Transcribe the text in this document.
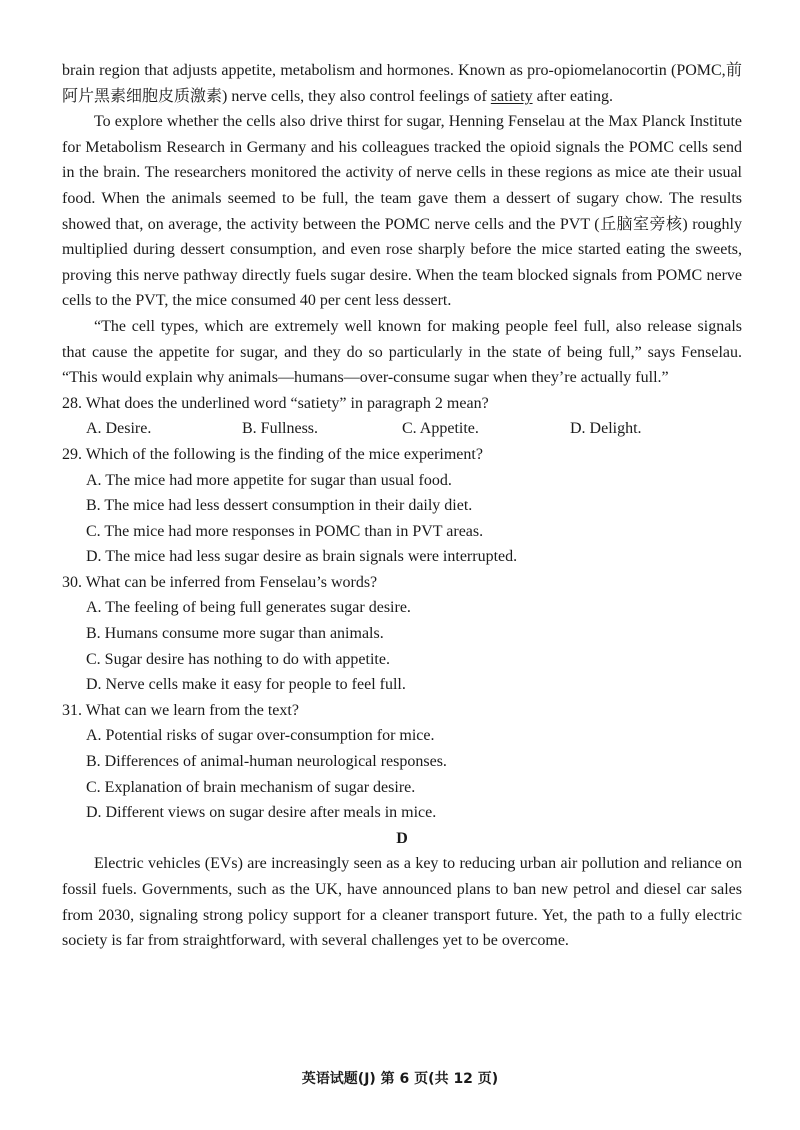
brain region that adjusts appetite, metabolism and hormones. Known as pro-opiomelanocortin (POMC,前阿片黑素细胞皮质激素) nerve cells, they also control feelings of satiety after eating.

To explore whether the cells also drive thirst for sugar, Henning Fenselau at the Max Planck Institute for Metabolism Research in Germany and his colleagues tracked the opioid signals the POMC cells send in the brain. The researchers monitored the activity of nerve cells in these regions as mice ate their usual food. When the animals seemed to be full, the team gave them a dessert of sugary chow. The results showed that, on average, the activity between the POMC nerve cells and the PVT (丘脑室旁核) roughly multiplied during dessert consumption, and even rose sharply before the mice started eating the sweets, proving this nerve pathway directly fuels sugar desire. When the team blocked signals from POMC nerve cells to the PVT, the mice consumed 40 per cent less dessert.

“The cell types, which are extremely well known for making people feel full, also release signals that cause the appetite for sugar, and they do so particularly in the state of being full,” says Fenselau. “This would explain why animals—humans—over-consume sugar when they’re actually full.”

28. What does the underlined word “satiety” in paragraph 2 mean?

A. Desire.	B. Fullness.	C. Appetite.	D. Delight.

29. Which of the following is the finding of the mice experiment?

A. The mice had more appetite for sugar than usual food.

B. The mice had less dessert consumption in their daily diet.

C. The mice had more responses in POMC than in PVT areas.

D. The mice had less sugar desire as brain signals were interrupted.

30. What can be inferred from Fenselau’s words?

A. The feeling of being full generates sugar desire.

B. Humans consume more sugar than animals.

C. Sugar desire has nothing to do with appetite.

D. Nerve cells make it easy for people to feel full.

31. What can we learn from the text?

A. Potential risks of sugar over-consumption for mice.

B. Differences of animal-human neurological responses.

C. Explanation of brain mechanism of sugar desire.

D. Different views on sugar desire after meals in mice.

D

Electric vehicles (EVs) are increasingly seen as a key to reducing urban air pollution and reliance on fossil fuels. Governments, such as the UK, have announced plans to ban new petrol and diesel car sales from 2030, signaling strong policy support for a cleaner transport future. Yet, the path to a fully electric society is far from straightforward, with several challenges yet to be overcome.

英语试题(J) 第 6 页(共 12 页)
